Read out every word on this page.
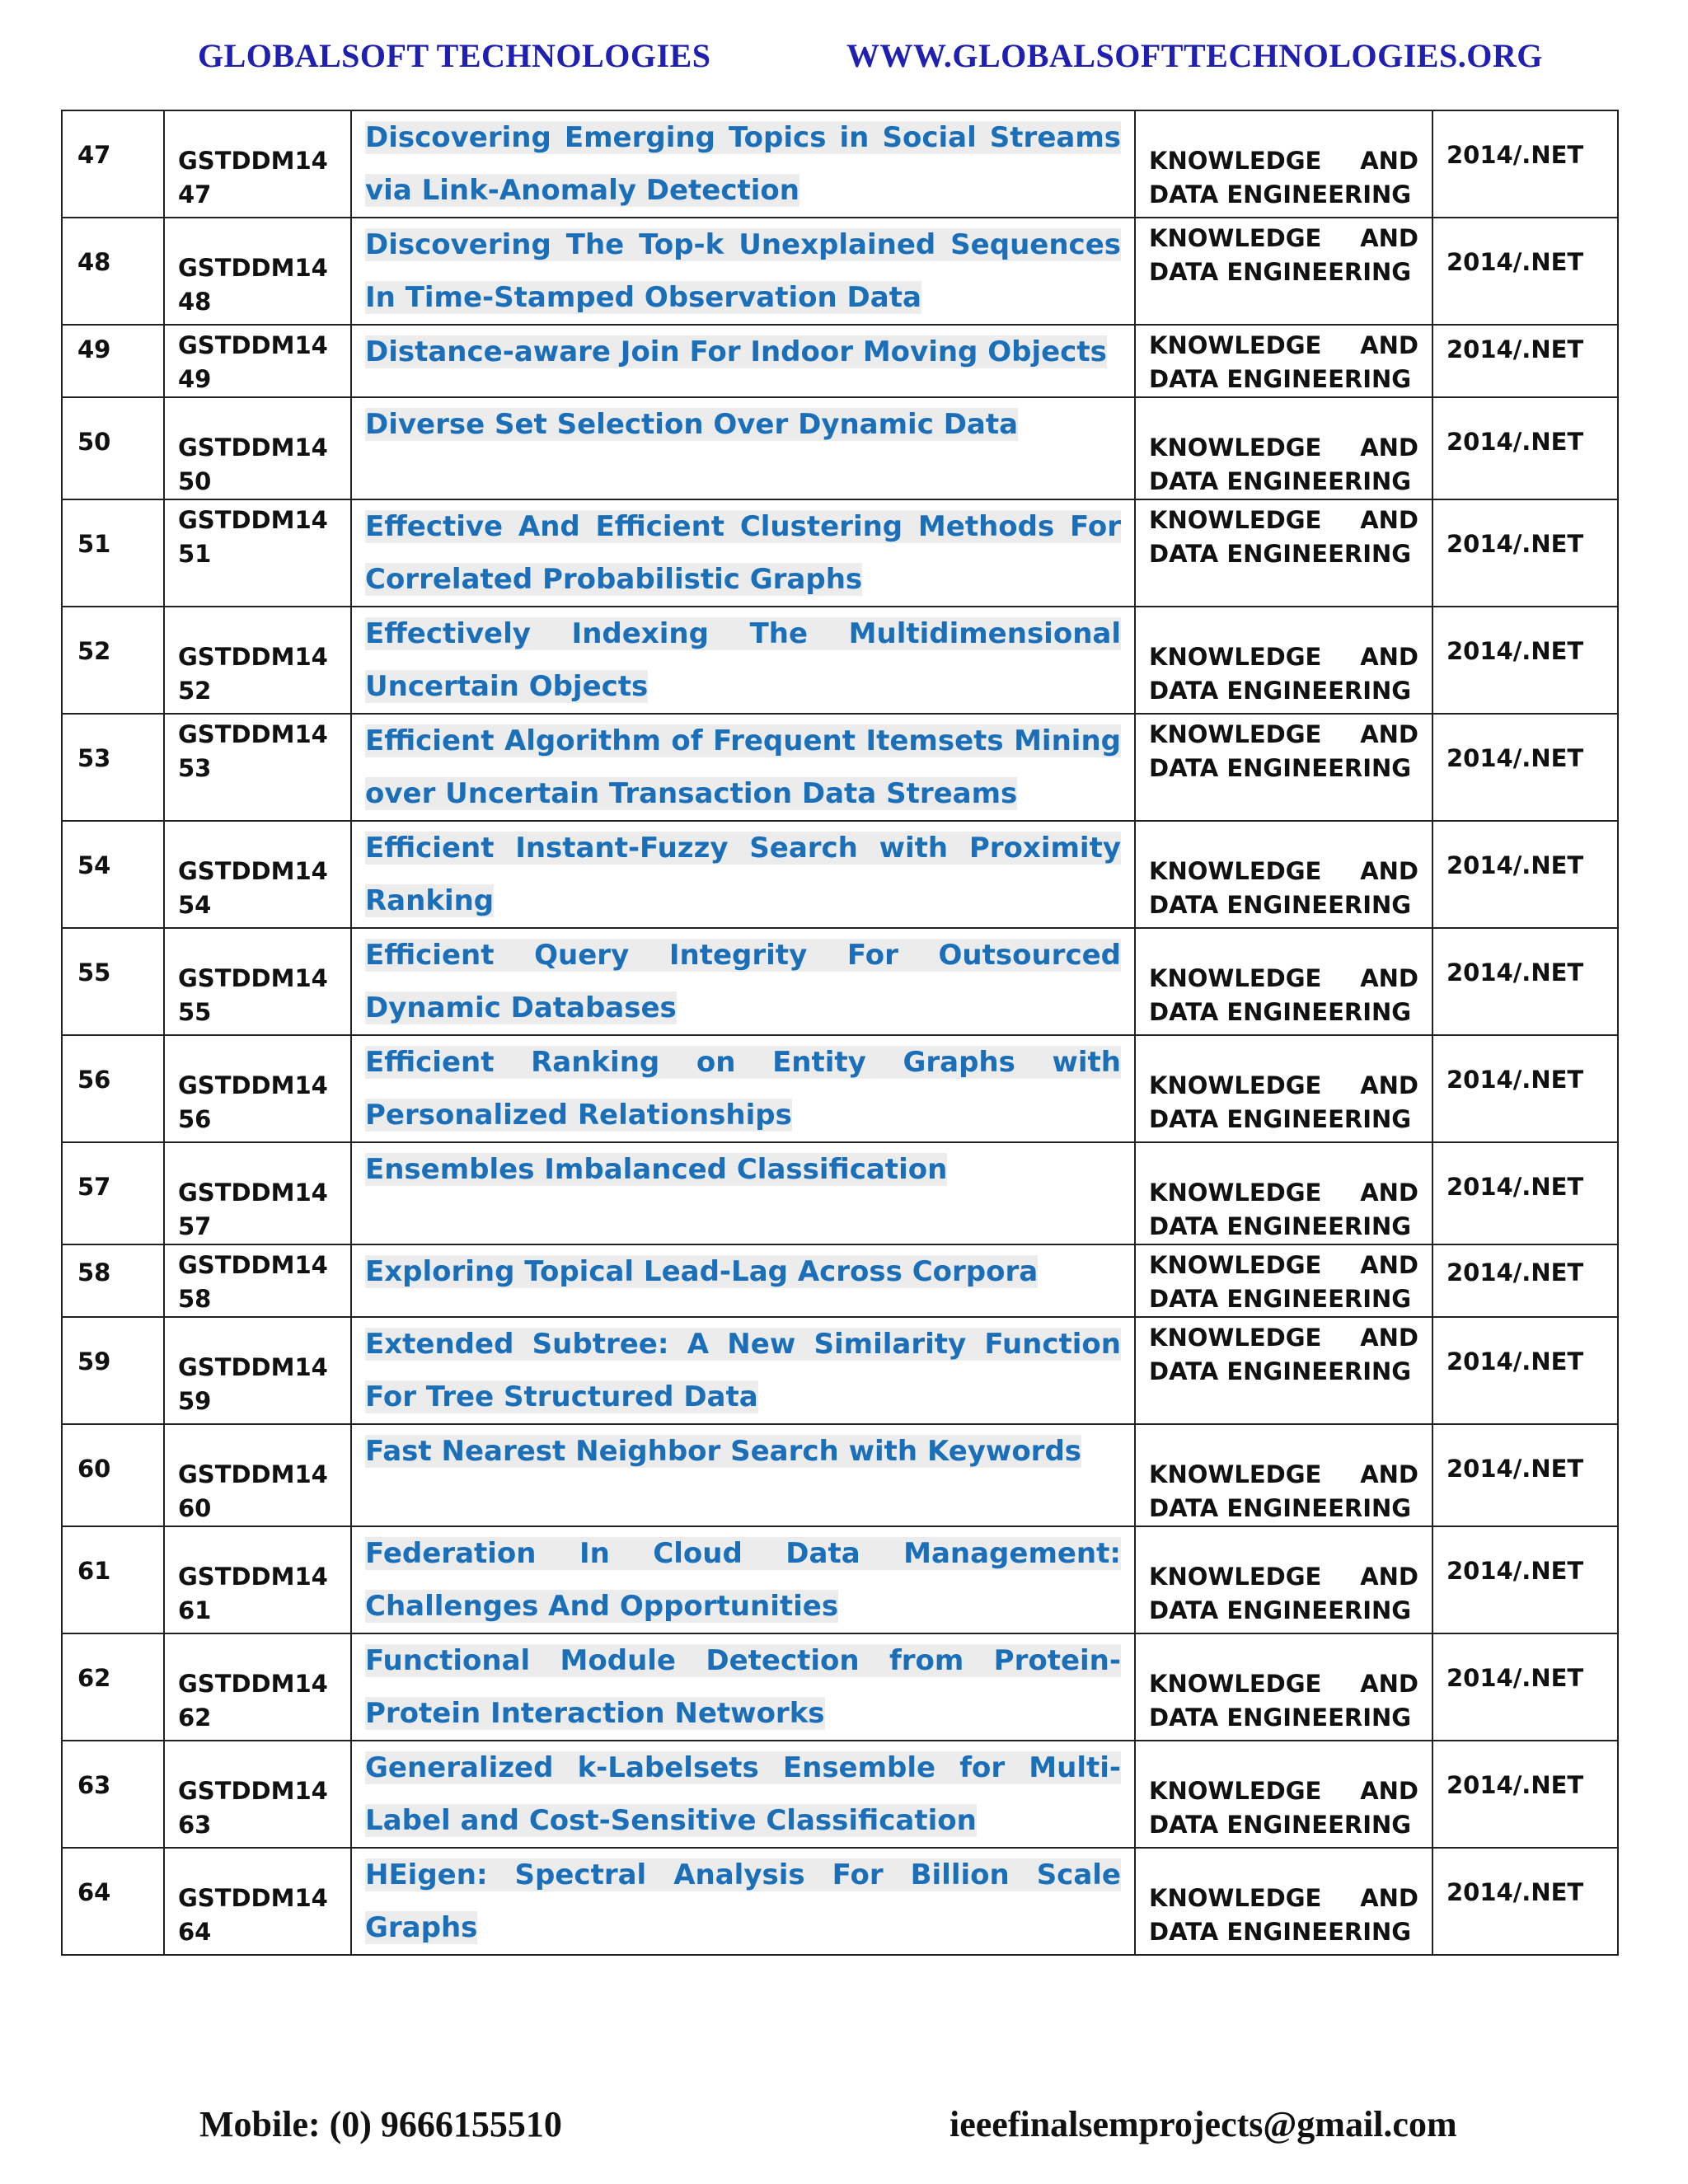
GLOBALSOFT TECHNOLOGIES	WWW.GLOBALSOFTTECHNOLOGIES.ORG
47	GSTDDM1447	Discovering Emerging Topics in Social Streams via Link-Anomaly Detection	KNOWLEDGE AND
DATA ENGINEERING	2014/.NET

48	GSTDDM1448	Discovering The Top-k Unexplained Sequences In Time-Stamped Observation Data	KNOWLEDGE AND
DATA ENGINEERING	2014/.NET

49	GSTDDM1449	Distance-aware Join For Indoor Moving Objects	KNOWLEDGE AND
DATA ENGINEERING	2014/.NET

50	GSTDDM1450	Diverse Set Selection Over Dynamic Data	KNOWLEDGE AND
DATA ENGINEERING	2014/.NET

51	GSTDDM1451	Effective And Efficient Clustering Methods For Correlated Probabilistic Graphs	KNOWLEDGE AND
DATA ENGINEERING	2014/.NET

52	GSTDDM1452	Effectively Indexing The Multidimensional Uncertain Objects	KNOWLEDGE AND
DATA ENGINEERING	2014/.NET

53	GSTDDM1453	Efficient Algorithm of Frequent Itemsets Mining over Uncertain Transaction Data Streams	KNOWLEDGE AND
DATA ENGINEERING	2014/.NET

54	GSTDDM1454	Efficient Instant-Fuzzy Search with Proximity Ranking	KNOWLEDGE AND
DATA ENGINEERING	2014/.NET

55	GSTDDM1455	Efficient Query Integrity For Outsourced Dynamic Databases	KNOWLEDGE AND
DATA ENGINEERING	2014/.NET

56	GSTDDM1456	Efficient Ranking on Entity Graphs with Personalized Relationships	KNOWLEDGE AND
DATA ENGINEERING	2014/.NET

57	GSTDDM1457	Ensembles Imbalanced Classification	KNOWLEDGE AND
DATA ENGINEERING	2014/.NET

58	GSTDDM1458	Exploring Topical Lead-Lag Across Corpora	KNOWLEDGE AND
DATA ENGINEERING	2014/.NET

59	GSTDDM1459	Extended Subtree: A New Similarity Function For Tree Structured Data	KNOWLEDGE AND
DATA ENGINEERING	2014/.NET

60	GSTDDM1460	Fast Nearest Neighbor Search with Keywords	KNOWLEDGE AND
DATA ENGINEERING	2014/.NET

61	GSTDDM1461	Federation In Cloud Data Management: Challenges And Opportunities	KNOWLEDGE AND
DATA ENGINEERING	2014/.NET

62	GSTDDM1462	Functional Module Detection from Protein-Protein Interaction Networks	KNOWLEDGE AND
DATA ENGINEERING	2014/.NET

63	GSTDDM1463	Generalized k-Labelsets Ensemble for Multi-Label and Cost-Sensitive Classification	KNOWLEDGE AND
DATA ENGINEERING	2014/.NET

64	GSTDDM1464	HEigen: Spectral Analysis For Billion Scale Graphs	KNOWLEDGE AND
DATA ENGINEERING	2014/.NET
Mobile: (0) 9666155510	ieeefinalsemprojects@gmail.com
